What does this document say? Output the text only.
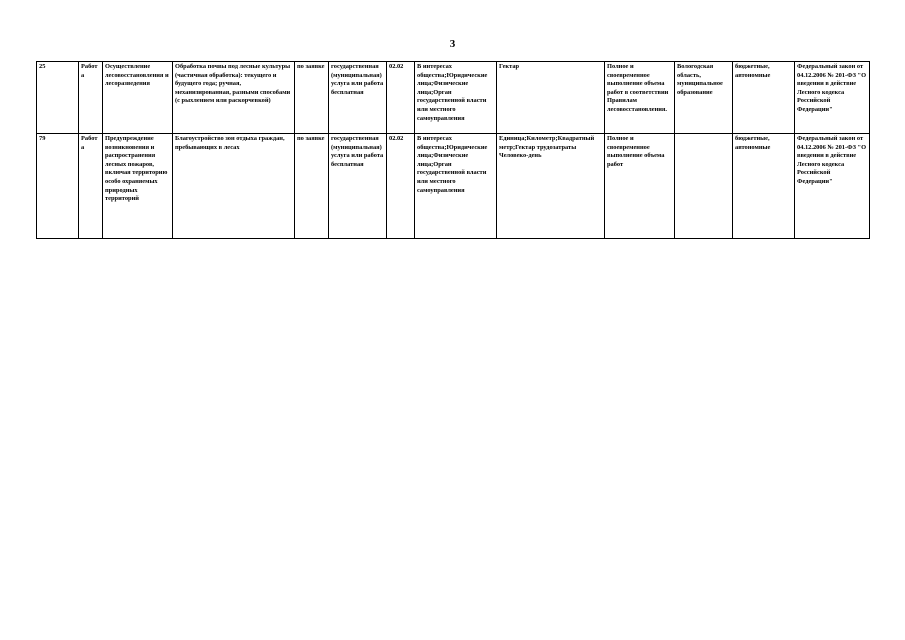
3
25	Работа	Осуществление лесовосстановления и лесоразведения	Обработка почвы под лесные культуры (частичная обработка): текущего и будущего года; ручная, механизированная, разными способами (с рыхлением или раскорчевкой)	по заявке	государственная (муниципальная) услуга или работа бесплатная	02.02	В интересах общества;Юридические лица;Физические лица;Орган государственной власти или местного самоуправления	Гектар	Полное и своевременное выполнение объема работ в соответствии Правилам лесовосстановления.	Вологодская область, муниципальное образование	бюджетные, автономные	Федеральный закон от 04.12.2006 № 201-ФЗ "О введении в действие Лесного кодекса Российской Федерации"
79	Работа	Предупреждение возникновения и распространения лесных пожаров, включая территорию особо охраняемых природных территорий	Благоустройство зон отдыха граждан, пребывающих в лесах	по заявке	государственная (муниципальная) услуга или работа бесплатная	02.02	В интересах общества;Юридические лица;Физические лица;Орган государственной власти или местного самоуправления	Единица;Километр;Квадратный метр;Гектар трудозатраты Человеко-день	Полное и своевременное выполнение объема работ		бюджетные, автономные	Федеральный закон от 04.12.2006 № 201-ФЗ "О введении в действие Лесного кодекса Российской Федерации"
